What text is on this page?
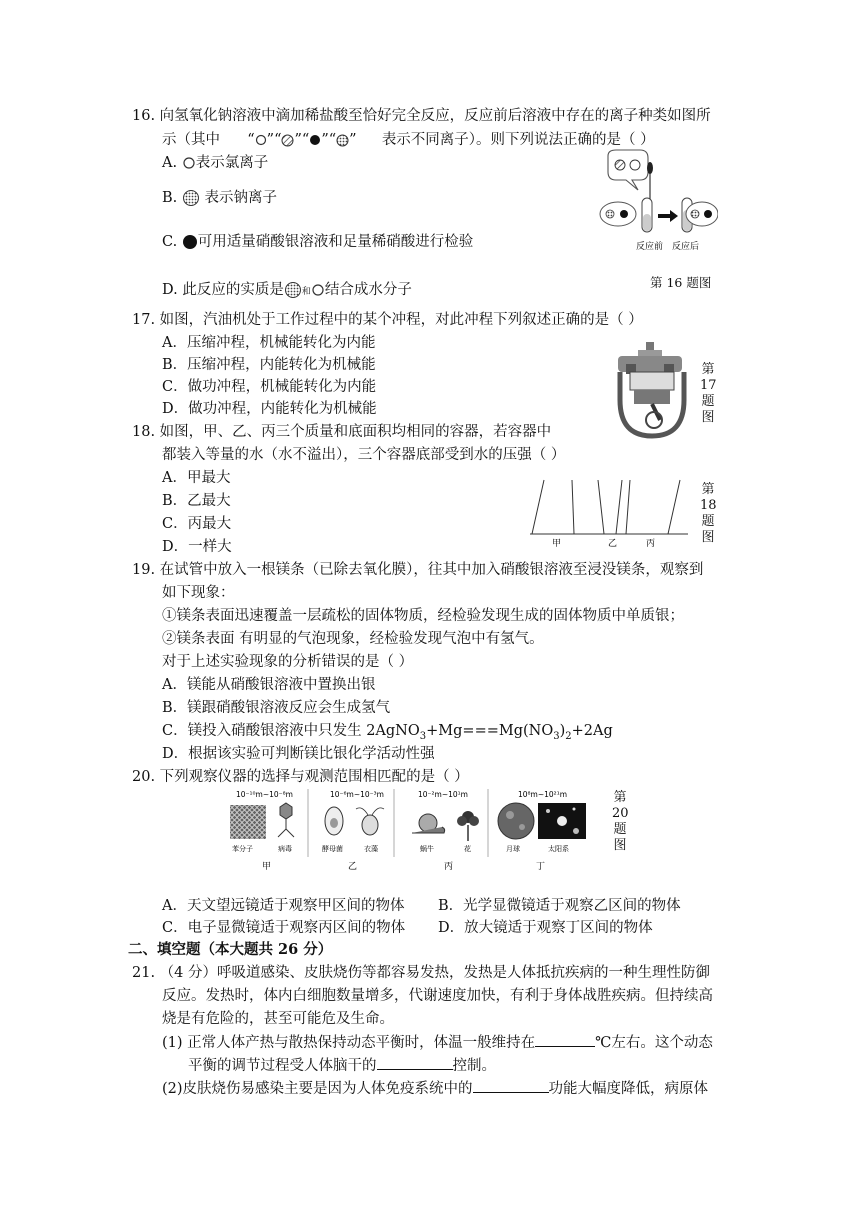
16. 向氢氧化钠溶液中滴加稀盐酸至恰好完全反应，反应前后溶液中存在的离子种类如图所
示（其中 “ ”“ ”“ ”“ ” 表示不同离子）。则下列说法正确的是（ ）
A. 表示氯离子
B. 表示钠离子
C. 可用适量硝酸银溶液和足量稀硝酸进行检验
D. 此反应的实质是 和 结合成水分子
反应前 反应后
第 16 题图
17. 如图，汽油机处于工作过程中的某个冲程，对此冲程下列叙述正确的是（ ）
A．压缩冲程，机械能转化为内能
B．压缩冲程，内能转化为机械能
C．做功冲程，机械能转化为内能
D．做功冲程，内能转化为机械能
第 17 题图
18. 如图，甲、乙、丙三个质量和底面积均相同的容器，若容器中
都装入等量的水（水不溢出），三个容器底部受到水的压强（ ）
A．甲最大
B．乙最大
C．丙最大
D．一样大	甲	乙	丙
第 18 题图
19. 在试管中放入一根镁条（已除去氧化膜），往其中加入硝酸银溶液至浸没镁条，观察到
如下现象：
①镁条表面迅速覆盖一层疏松的固体物质，经检验发现生成的固体物质中单质银；
②镁条表面 有明显的气泡现象，经检验发现气泡中有氢气。
对于上述实验现象的分析错误的是（ ）
A．镁能从硝酸银溶液中置换出银
B．镁跟硝酸银溶液反应会生成氢气
C．镁投入硝酸银溶液中只发生 $2AgNO_3+Mg===Mg(NO_3)_2+2Ag$
D．根据该实验可判断镁比银化学活动性强
20. 下列观察仪器的选择与观测范围相匹配的是（ ）
10⁻¹⁰m~10⁻⁸m	10⁻⁶m~10⁻³m	10⁻²m~10¹m	10⁸m~10²¹m
苯分子	病毒	酵母菌	衣藻	蜗牛	花	月球	太阳系
甲	乙	丙	丁
第 20 题图
A．天文望远镜适于观察甲区间的物体 B．光学显微镜适于观察乙区间的物体
C．电子显微镜适于观察丙区间的物体 D．放大镜适于观察丁区间的物体
二、填空题（本大题共 26 分）
21. （4 分）呼吸道感染、皮肤烧伤等都容易发热，发热是人体抵抗疾病的一种生理性防御
反应。发热时，体内白细胞数量增多，代谢速度加快，有利于身体战胜疾病。但持续高
烧是有危险的，甚至可能危及生命。
(1) 正常人体产热与散热保持动态平衡时，体温一般维持在	℃左右。这个动态
平衡的调节过程受人体脑干的	控制。
(2)皮肤烧伤易感染主要是因为人体免疫系统中的	功能大幅度降低，病原体
